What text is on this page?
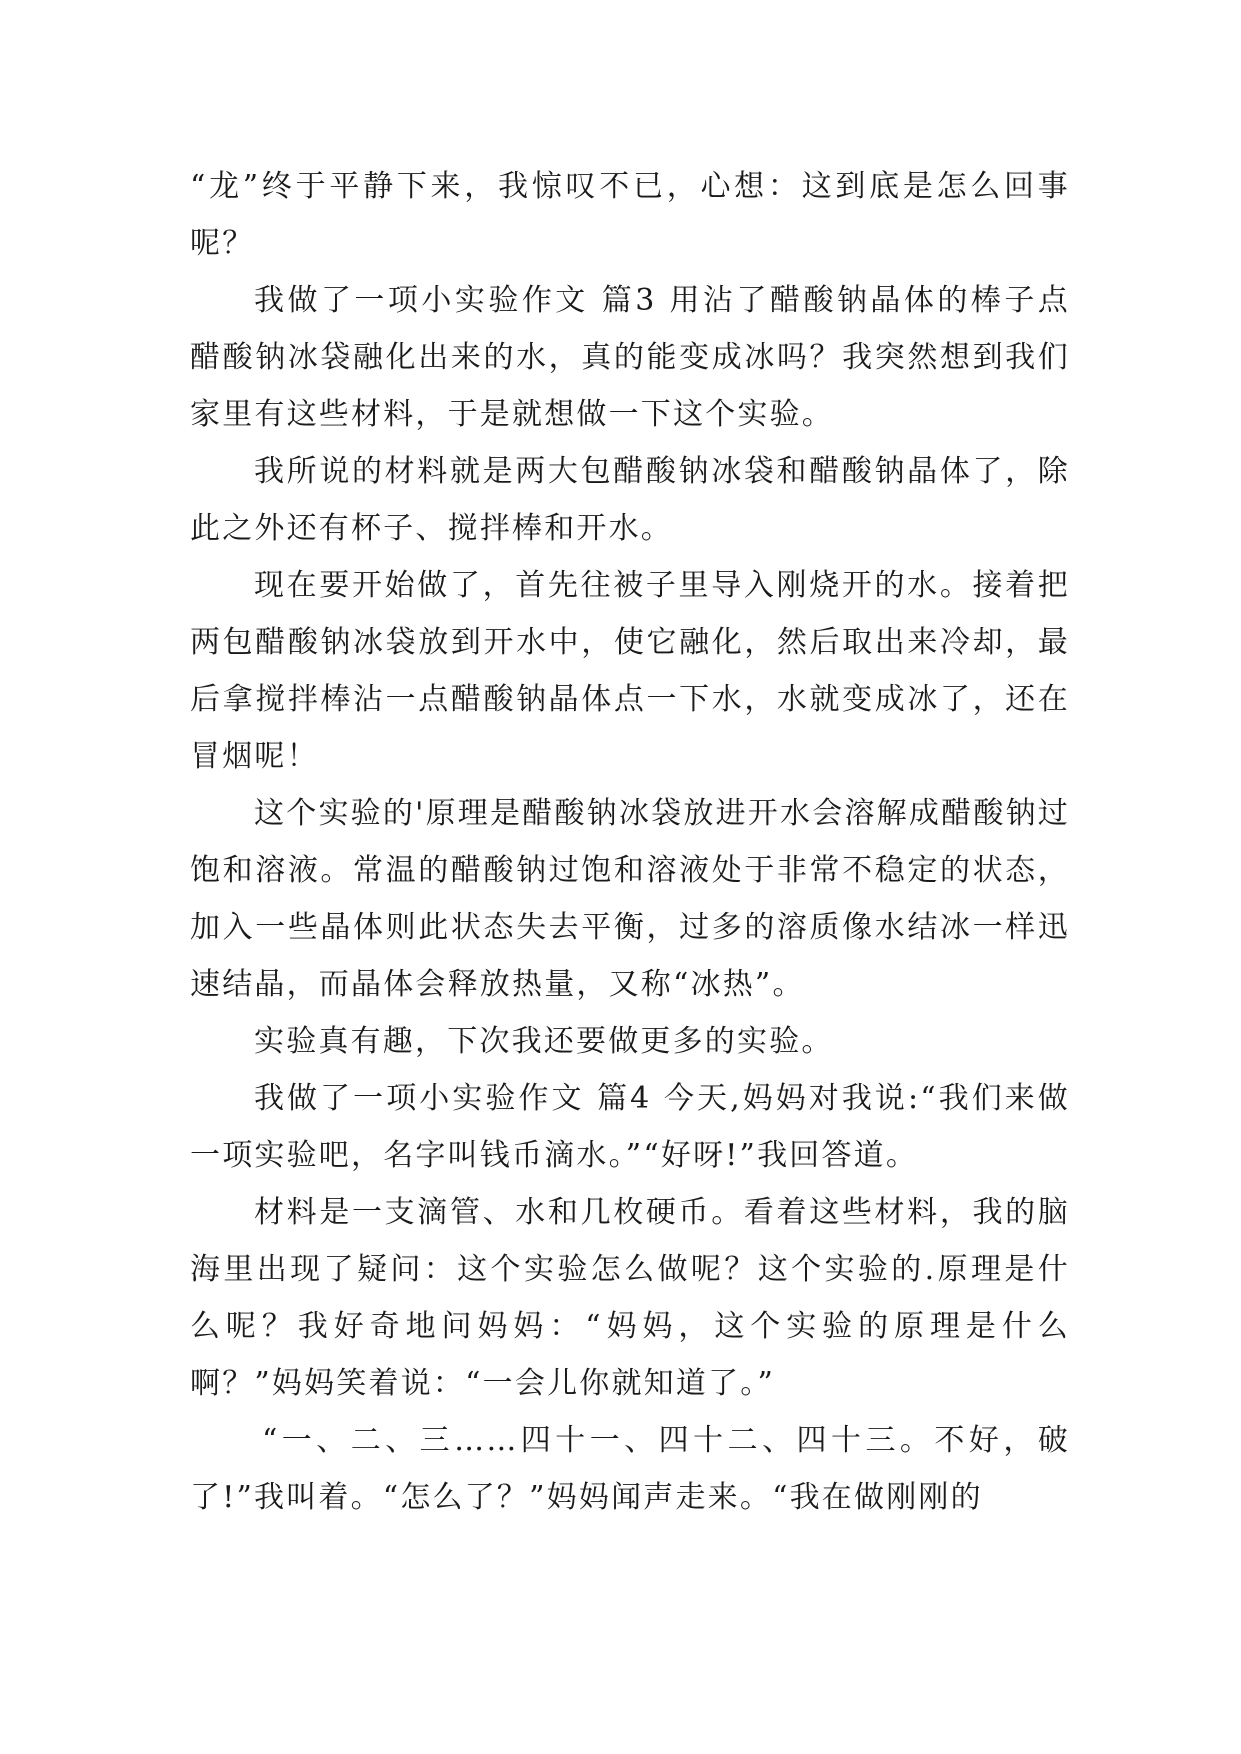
“龙”终于平静下来，我惊叹不已，心想：这到底是怎么回事呢？

我做了一项小实验作文 篇3 用沾了醋酸钠晶体的棒子点醋酸钠冰袋融化出来的水，真的能变成冰吗？我突然想到我们家里有这些材料，于是就想做一下这个实验。

我所说的材料就是两大包醋酸钠冰袋和醋酸钠晶体了，除此之外还有杯子、搅拌棒和开水。

现在要开始做了，首先往被子里导入刚烧开的水。接着把两包醋酸钠冰袋放到开水中，使它融化，然后取出来冷却，最后拿搅拌棒沾一点醋酸钠晶体点一下水，水就变成冰了，还在冒烟呢！

这个实验的'原理是醋酸钠冰袋放进开水会溶解成醋酸钠过饱和溶液。常温的醋酸钠过饱和溶液处于非常不稳定的状态，加入一些晶体则此状态失去平衡，过多的溶质像水结冰一样迅速结晶，而晶体会释放热量，又称“冰热”。

实验真有趣，下次我还要做更多的实验。

我做了一项小实验作文 篇4 今天,妈妈对我说:“我们来做一项实验吧，名字叫钱币滴水。”“好呀!”我回答道。

材料是一支滴管、水和几枚硬币。看着这些材料，我的脑海里出现了疑问：这个实验怎么做呢？这个实验的.原理是什么呢？我好奇地问妈妈：“妈妈，这个实验的原理是什么啊？”妈妈笑着说：“一会儿你就知道了。”

“一、二、三……四十一、四十二、四十三。不好，破了!”我叫着。“怎么了？”妈妈闻声走来。“我在做刚刚的
